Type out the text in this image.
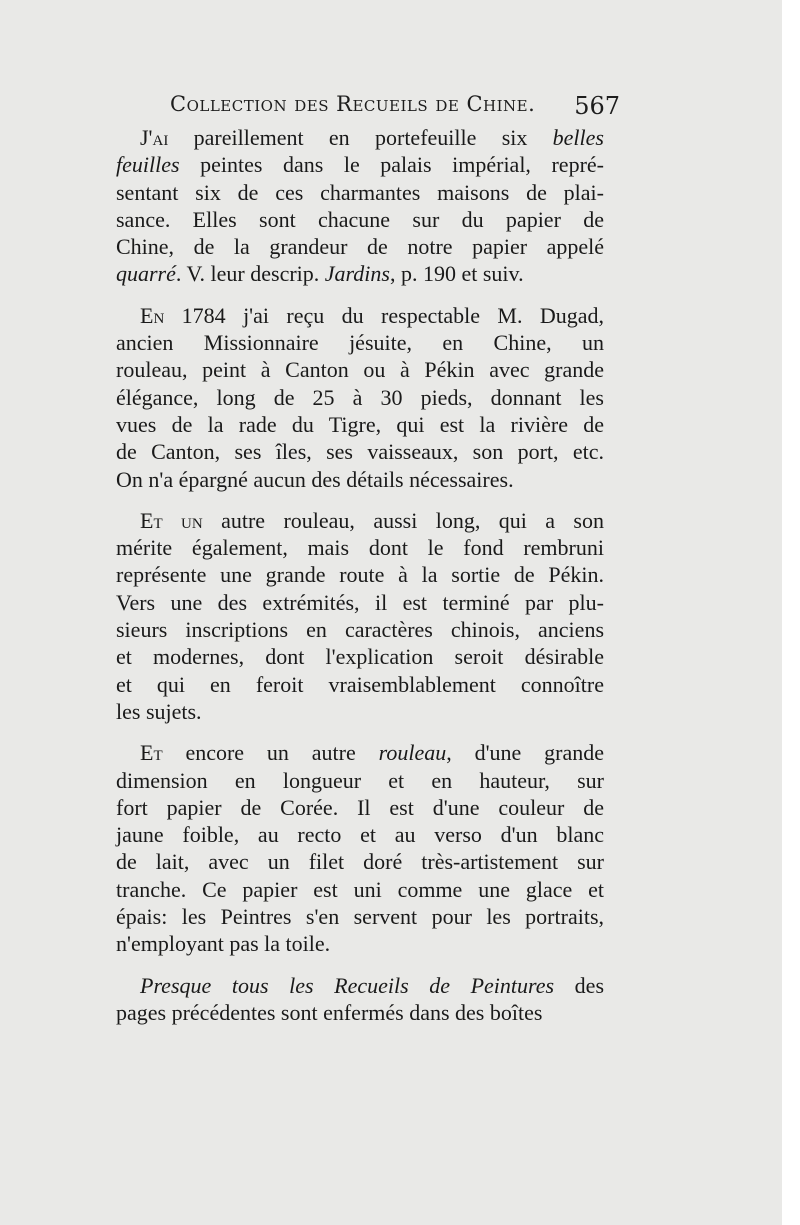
Collection des Recueils de Chine. 567
J'ai pareillement en portefeuille six belles
feuilles peintes dans le palais impérial, repré-
sentant six de ces charmantes maisons de plai-
sance. Elles sont chacune sur du papier de
Chine, de la grandeur de notre papier appelé
quarré. V. leur descrip. Jardins, p. 190 et suiv.
En 1784 j'ai reçu du respectable M. Dugad,
ancien Missionnaire jésuite, en Chine, un
rouleau, peint à Canton ou à Pékin avec grande
élégance, long de 25 à 30 pieds, donnant les
vues de la rade du Tigre, qui est la rivière de
de Canton, ses îles, ses vaisseaux, son port, etc.
On n'a épargné aucun des détails nécessaires.
Et un autre rouleau, aussi long, qui a son
mérite également, mais dont le fond rembruni
représente une grande route à la sortie de Pékin.
Vers une des extrémités, il est terminé par plu-
sieurs inscriptions en caractères chinois, anciens
et modernes, dont l'explication seroit désirable
et qui en feroit vraisemblablement connoître
les sujets.
Et encore un autre rouleau, d'une grande
dimension en longueur et en hauteur, sur
fort papier de Corée. Il est d'une couleur de
jaune foible, au recto et au verso d'un blanc
de lait, avec un filet doré très-artistement sur
tranche. Ce papier est uni comme une glace et
épais: les Peintres s'en servent pour les portraits,
n'employant pas la toile.
Presque tous les Recueils de Peintures des
pages précédentes sont enfermés dans des boîtes
